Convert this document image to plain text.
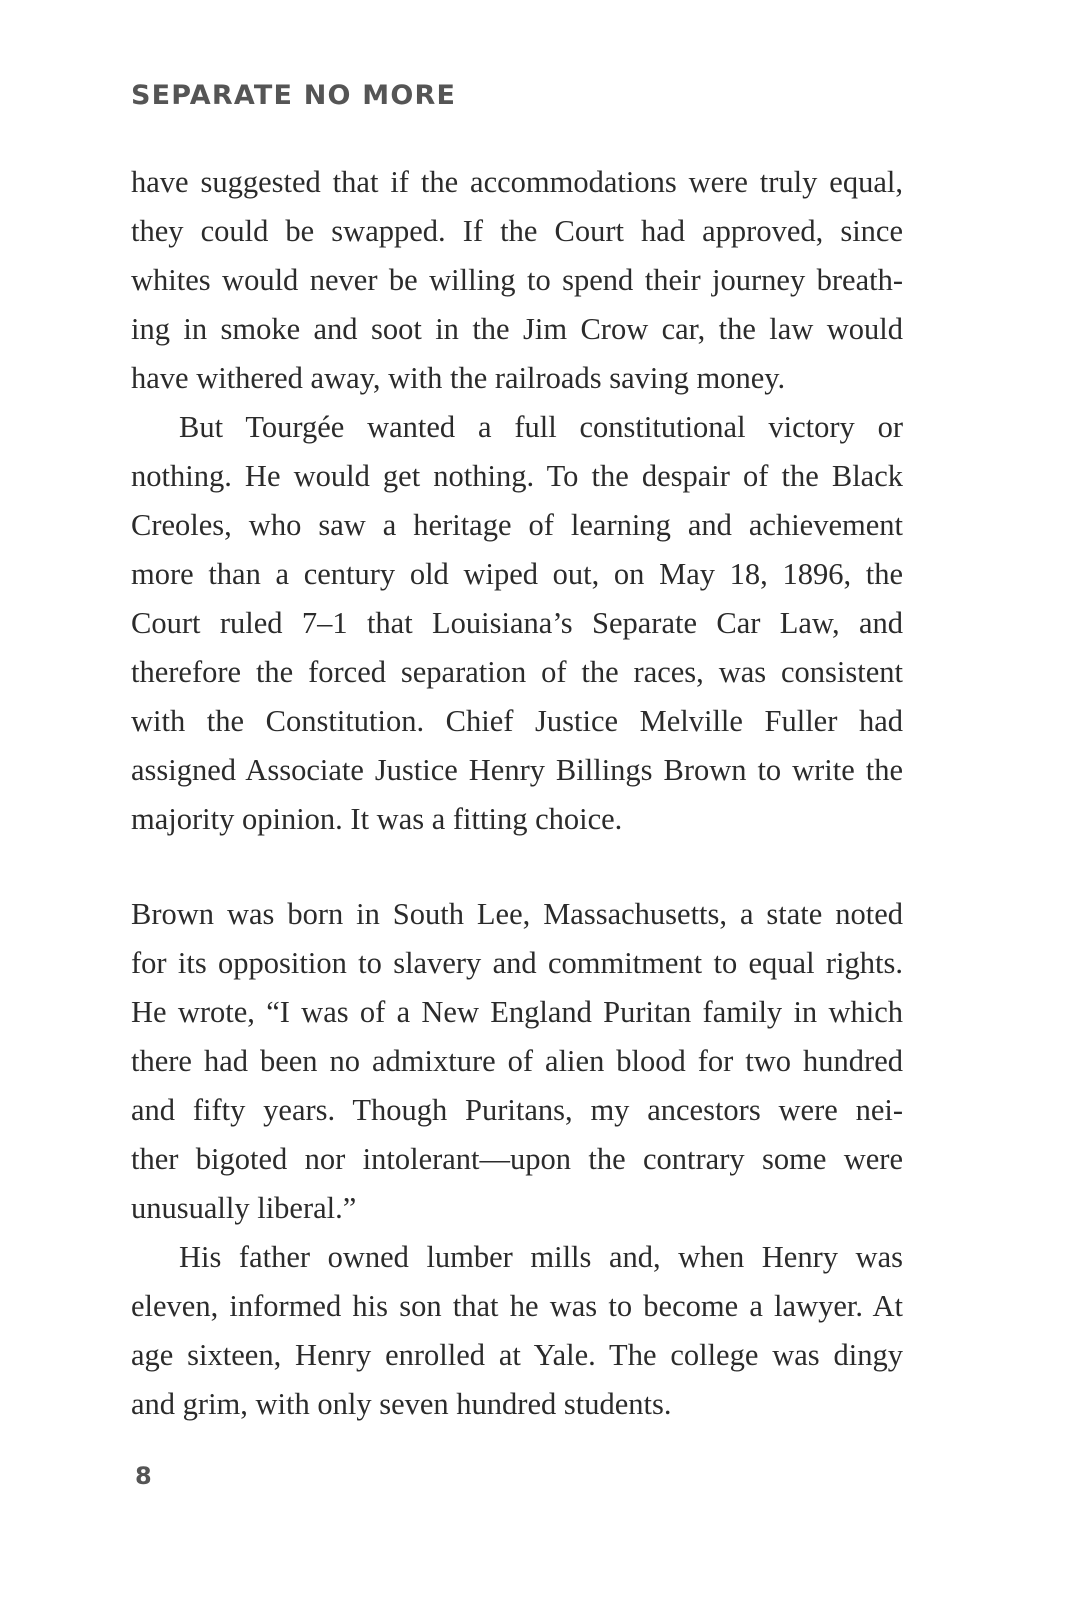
SEPARATE NO MORE

have suggested that if the accommodations were truly equal,
they could be swapped. If the Court had approved, since
whites would never be willing to spend their journey breath-
ing in smoke and soot in the Jim Crow car, the law would
have withered away, with the railroads saving money.

But Tourgée wanted a full constitutional victory or
nothing. He would get nothing. To the despair of the Black
Creoles, who saw a heritage of learning and achievement
more than a century old wiped out, on May 18, 1896, the
Court ruled 7–1 that Louisiana’s Separate Car Law, and
therefore the forced separation of the races, was consistent
with the Constitution. Chief Justice Melville Fuller had
assigned Associate Justice Henry Billings Brown to write the
majority opinion. It was a fitting choice.

Brown was born in South Lee, Massachusetts, a state noted
for its opposition to slavery and commitment to equal rights.
He wrote, “I was of a New England Puritan family in which
there had been no admixture of alien blood for two hundred
and fifty years. Though Puritans, my ancestors were nei-
ther bigoted nor intolerant—upon the contrary some were
unusually liberal.”

His father owned lumber mills and, when Henry was
eleven, informed his son that he was to become a lawyer. At
age sixteen, Henry enrolled at Yale. The college was dingy
and grim, with only seven hundred students.

8
